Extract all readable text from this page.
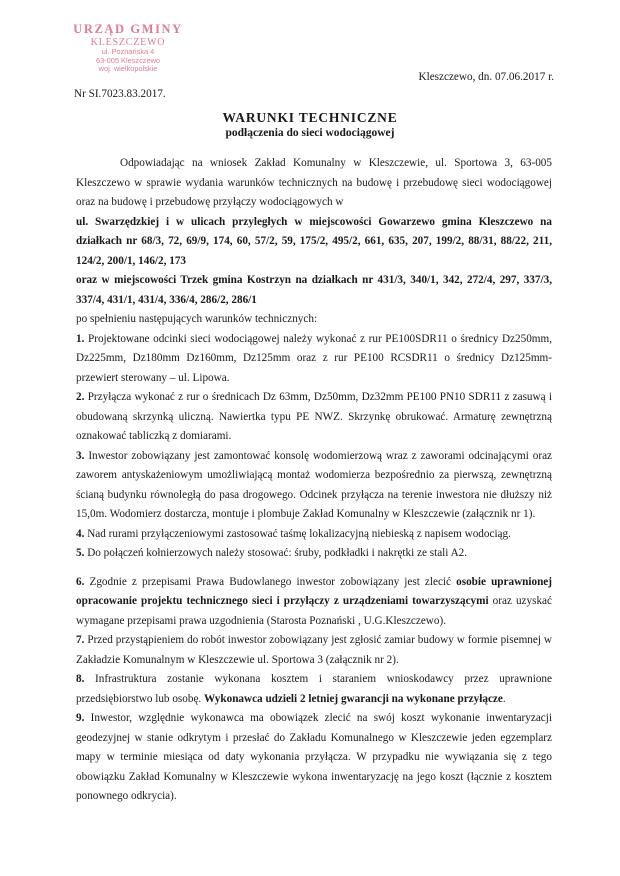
URZĄD GMINY
KLESZCZEWO
ul. Poznańska 4
63-005 Kleszczewo
woj. wielkopolskie
Kleszczewo, dn. 07.06.2017 r.
Nr SI.7023.83.2017.
WARUNKI TECHNICZNE
podłączenia do sieci wodociągowej

Odpowiadając na wniosek Zakład Komunalny w Kleszczewie, ul. Sportowa 3, 63-005 Kleszczewo w sprawie wydania warunków technicznych na budowę i przebudowę sieci wodociągowej oraz na budowę i przebudowę przyłączy wodociągowych w

ul. Swarzędzkiej i w ulicach przyległych w miejscowości Gowarzewo gmina Kleszczewo na działkach nr 68/3, 72, 69/9, 174, 60, 57/2, 59, 175/2, 495/2, 661, 635, 207, 199/2, 88/31, 88/22, 211, 124/2, 200/1, 146/2, 173

oraz w miejscowości Trzek gmina Kostrzyn na działkach nr 431/3, 340/1, 342, 272/4, 297, 337/3, 337/4, 431/1, 431/4, 336/4, 286/2, 286/1

po spełnieniu następujących warunków technicznych:

1. Projektowane odcinki sieci wodociągowej należy wykonać z rur PE100SDR11 o średnicy Dz250mm, Dz225mm, Dz180mm Dz160mm, Dz125mm oraz z rur PE100 RCSDR11 o średnicy Dz125mm-przewiert sterowany – ul. Lipowa.

2. Przyłącza wykonać z rur o średnicach Dz 63mm, Dz50mm, Dz32mm PE100 PN10 SDR11 z zasuwą i obudowaną skrzynką uliczną. Nawiertka typu PE NWZ. Skrzynkę obrukować. Armaturę zewnętrzną oznakować tabliczką z domiarami.

3. Inwestor zobowiązany jest zamontować konsolę wodomierzową wraz z zaworami odcinającymi oraz zaworem antyskażeniowym umożliwiającą montaż wodomierza bezpośrednio za pierwszą, zewnętrzną ścianą budynku równoległą do pasa drogowego. Odcinek przyłącza na terenie inwestora nie dłuższy niż 15,0m. Wodomierz dostarcza, montuje i plombuje Zakład Komunalny w Kleszczewie (załącznik nr 1).

4. Nad rurami przyłączeniowymi zastosować taśmę lokalizacyjną niebieską z napisem wodociąg.

5. Do połączeń kołnierzowych należy stosować: śruby, podkładki i nakrętki ze stali A2.

6. Zgodnie z przepisami Prawa Budowlanego inwestor zobowiązany jest zlecić osobie uprawnionej opracowanie projektu technicznego sieci i przyłączy z urządzeniami towarzyszącymi oraz uzyskać wymagane przepisami prawa uzgodnienia (Starosta Poznański , U.G.Kleszczewo).

7. Przed przystąpieniem do robót inwestor zobowiązany jest zgłosić zamiar budowy w formie pisemnej w Zakładzie Komunalnym w Kleszczewie ul. Sportowa 3 (załącznik nr 2).

8. Infrastruktura zostanie wykonana kosztem i staraniem wnioskodawcy przez uprawnione przedsiębiorstwo lub osobę. Wykonawca udzieli 2 letniej gwarancji na wykonane przyłącze.

9. Inwestor, względnie wykonawca ma obowiązek zlecić na swój koszt wykonanie inwentaryzacji geodezyjnej w stanie odkrytym i przesłać do Zakładu Komunalnego w Kleszczewie jeden egzemplarz mapy w terminie miesiąca od daty wykonania przyłącza. W przypadku nie wywiązania się z tego obowiązku Zakład Komunalny w Kleszczewie wykona inwentaryzację na jego koszt (łącznie z kosztem ponownego odkrycia).
